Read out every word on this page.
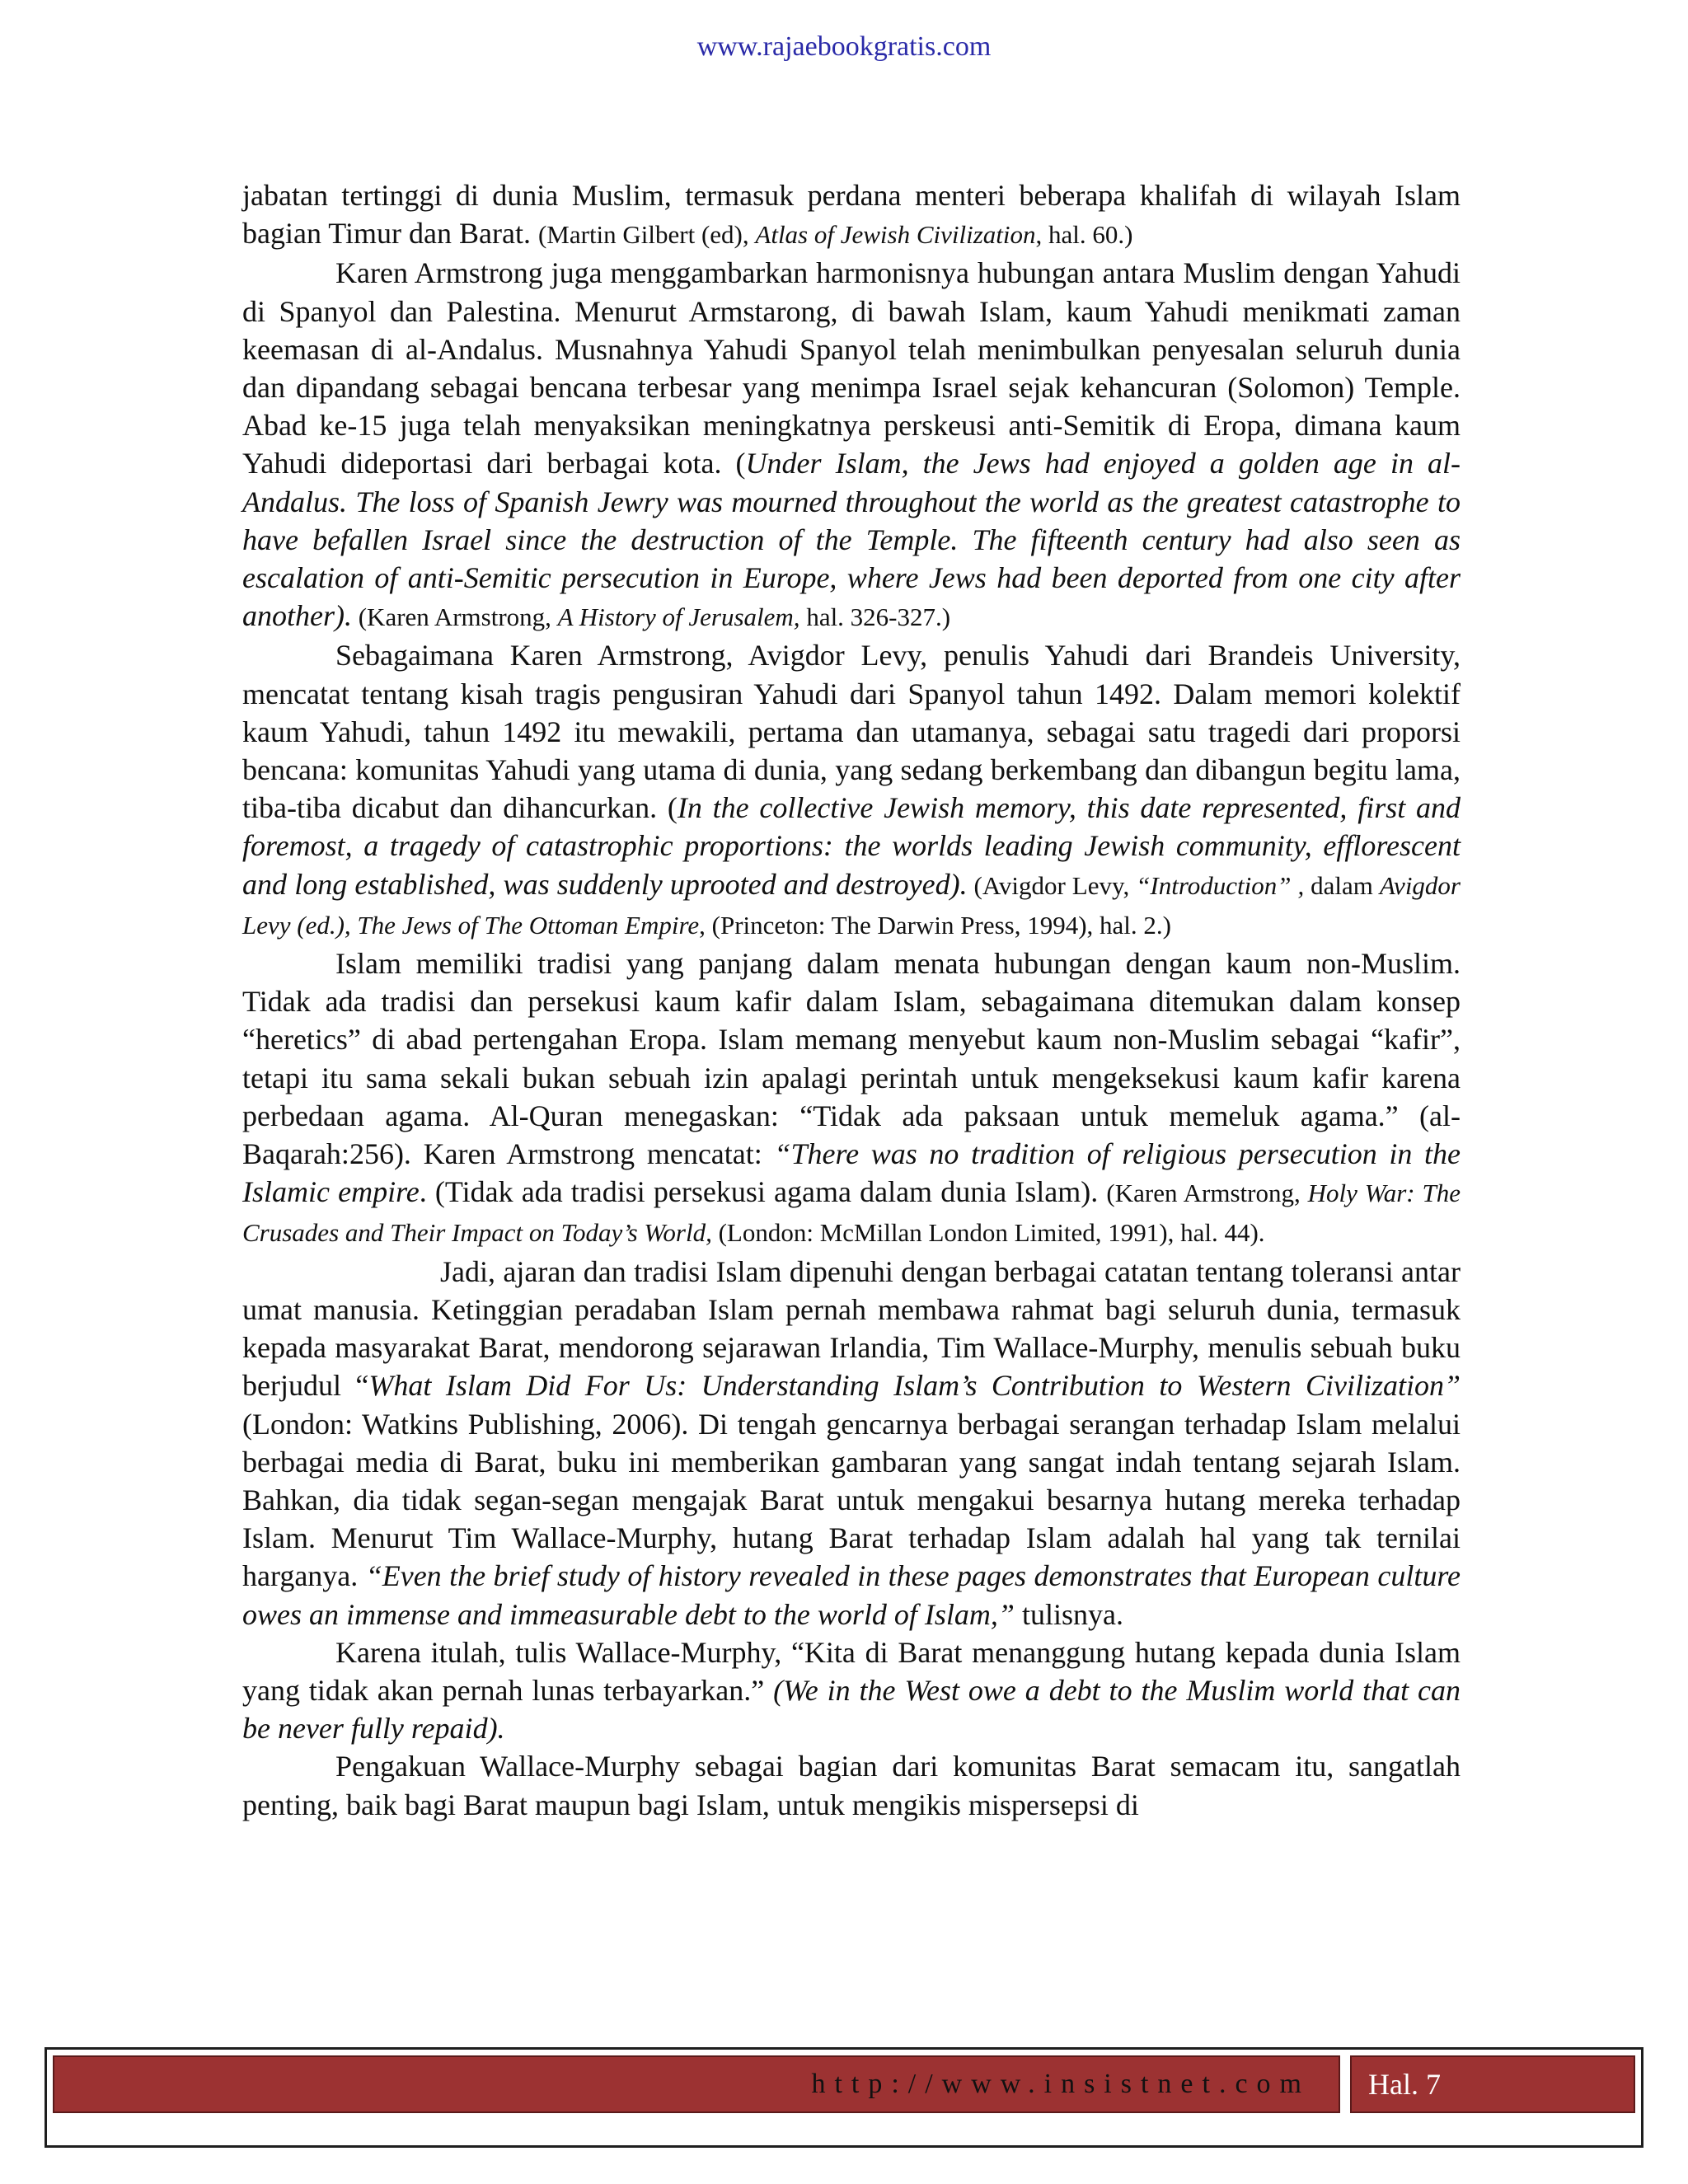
www.rajaebookgratis.com

jabatan tertinggi di dunia Muslim, termasuk perdana menteri beberapa khalifah di wilayah Islam bagian Timur dan Barat. (Martin Gilbert (ed), Atlas of Jewish Civilization, hal. 60.)

Karen Armstrong juga menggambarkan harmonisnya hubungan antara Muslim dengan Yahudi di Spanyol dan Palestina. Menurut Armstarong, di bawah Islam, kaum Yahudi menikmati zaman keemasan di al-Andalus. Musnahnya Yahudi Spanyol telah menimbulkan penyesalan seluruh dunia dan dipandang sebagai bencana terbesar yang menimpa Israel sejak kehancuran (Solomon) Temple. Abad ke-15 juga telah menyaksikan meningkatnya perskeusi anti-Semitik di Eropa, dimana kaum Yahudi dideportasi dari berbagai kota. (Under Islam, the Jews had enjoyed a golden age in al-Andalus. The loss of Spanish Jewry was mourned throughout the world as the greatest catastrophe to have befallen Israel since the destruction of the Temple. The fifteenth century had also seen as escalation of anti-Semitic persecution in Europe, where Jews had been deported from one city after another). (Karen Armstrong, A History of Jerusalem, hal. 326-327.)

Sebagaimana Karen Armstrong, Avigdor Levy, penulis Yahudi dari Brandeis University, mencatat tentang kisah tragis pengusiran Yahudi dari Spanyol tahun 1492. Dalam memori kolektif kaum Yahudi, tahun 1492 itu mewakili, pertama dan utamanya, sebagai satu tragedi dari proporsi bencana: komunitas Yahudi yang utama di dunia, yang sedang berkembang dan dibangun begitu lama, tiba-tiba dicabut dan dihancurkan. (In the collective Jewish memory, this date represented, first and foremost, a tragedy of catastrophic proportions: the worlds leading Jewish community, efflorescent and long established, was suddenly uprooted and destroyed). (Avigdor Levy, “Introduction” , dalam Avigdor Levy (ed.), The Jews of The Ottoman Empire, (Princeton: The Darwin Press, 1994), hal. 2.)

Islam memiliki tradisi yang panjang dalam menata hubungan dengan kaum non-Muslim. Tidak ada tradisi dan persekusi kaum kafir dalam Islam, sebagaimana ditemukan dalam konsep “heretics” di abad pertengahan Eropa. Islam memang menyebut kaum non-Muslim sebagai “kafir”, tetapi itu sama sekali bukan sebuah izin apalagi perintah untuk mengeksekusi kaum kafir karena perbedaan agama. Al-Quran menegaskan: “Tidak ada paksaan untuk memeluk agama.” (al-Baqarah:256). Karen Armstrong mencatat: “There was no tradition of religious persecution in the Islamic empire. (Tidak ada tradisi persekusi agama dalam dunia Islam). (Karen Armstrong, Holy War: The Crusades and Their Impact on Today’s World, (London: McMillan London Limited, 1991), hal. 44).

Jadi, ajaran dan tradisi Islam dipenuhi dengan berbagai catatan tentang toleransi antar umat manusia. Ketinggian peradaban Islam pernah membawa rahmat bagi seluruh dunia, termasuk kepada masyarakat Barat, mendorong sejarawan Irlandia, Tim Wallace-Murphy, menulis sebuah buku berjudul “What Islam Did For Us: Understanding Islam’s Contribution to Western Civilization” (London: Watkins Publishing, 2006). Di tengah gencarnya berbagai serangan terhadap Islam melalui berbagai media di Barat, buku ini memberikan gambaran yang sangat indah tentang sejarah Islam. Bahkan, dia tidak segan-segan mengajak Barat untuk mengakui besarnya hutang mereka terhadap Islam. Menurut Tim Wallace-Murphy, hutang Barat terhadap Islam adalah hal yang tak ternilai harganya. “Even the brief study of history revealed in these pages demonstrates that European culture owes an immense and immeasurable debt to the world of Islam,” tulisnya.

Karena itulah, tulis Wallace-Murphy, “Kita di Barat menanggung hutang kepada dunia Islam yang tidak akan pernah lunas terbayarkan.” (We in the West owe a debt to the Muslim world that can be never fully repaid).

Pengakuan Wallace-Murphy sebagai bagian dari komunitas Barat semacam itu, sangatlah penting, baik bagi Barat maupun bagi Islam, untuk mengikis mispersepsi di

http://www.insistnet.com	Hal. 7
